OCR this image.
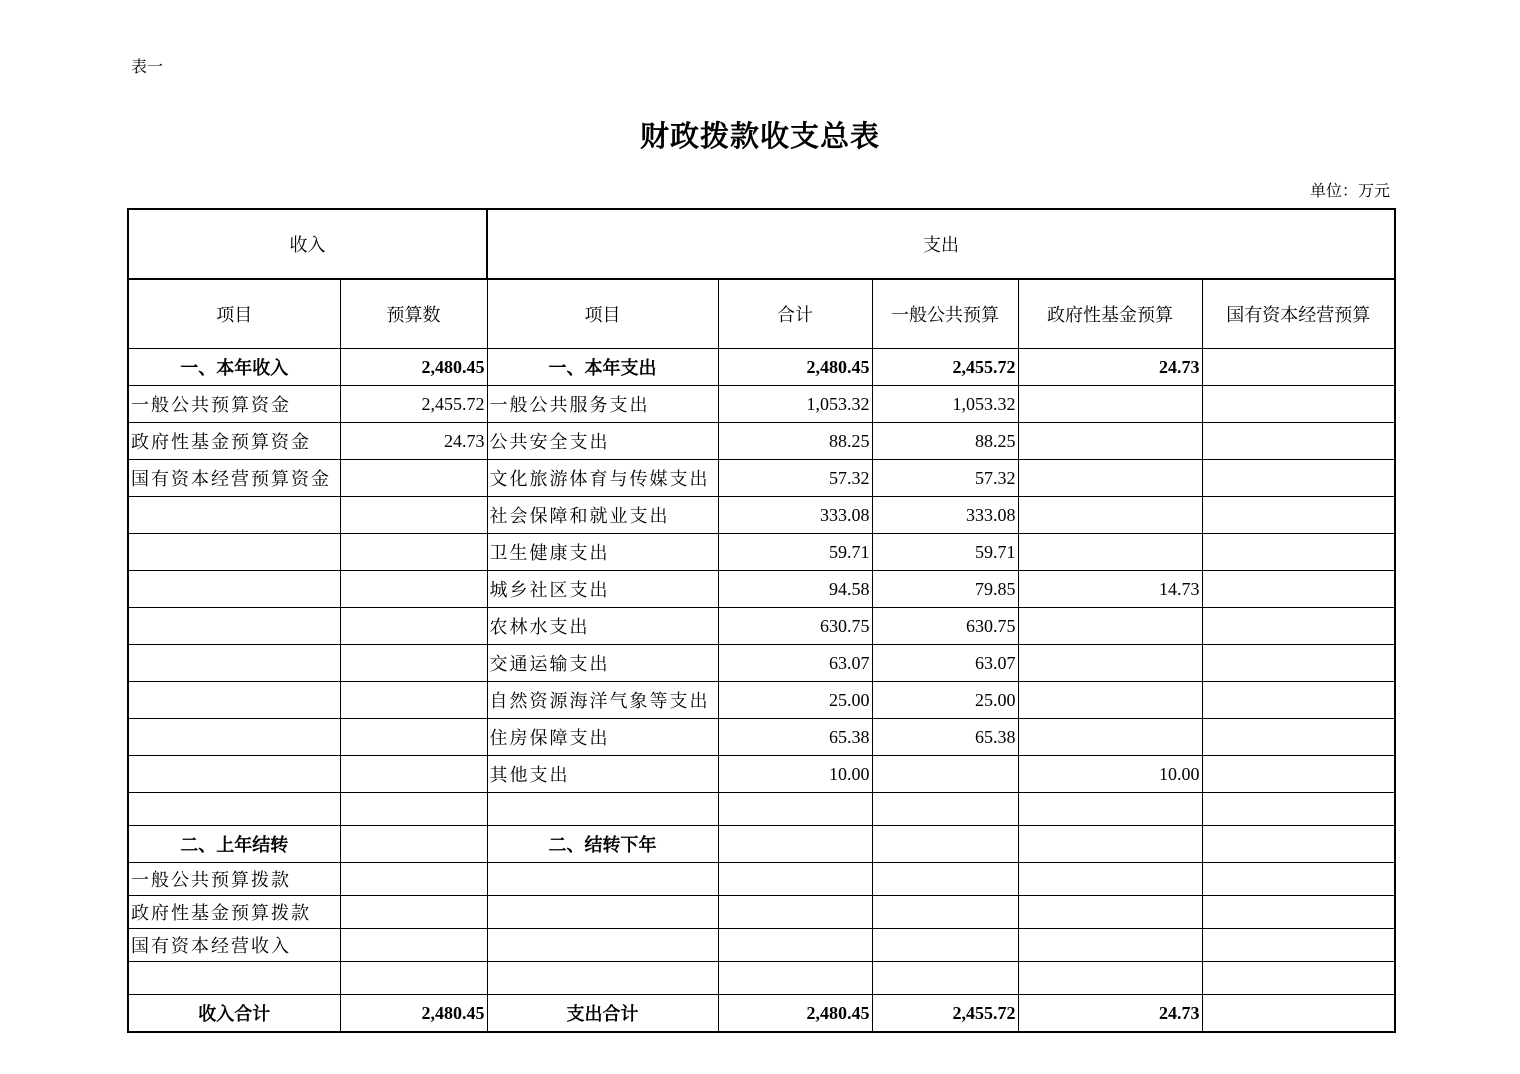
表一
财政拨款收支总表
单位：万元
收入		支出				
项目	预算数	项目	合计	一般公共预算	政府性基金预算	国有资本经营预算
一、本年收入	2,480.45	一、本年支出	2,480.45	2,455.72	24.73	
一般公共预算资金	2,455.72	一般公共服务支出	1,053.32	1,053.32		
政府性基金预算资金	24.73	公共安全支出	88.25	88.25		
国有资本经营预算资金		文化旅游体育与传媒支出	57.32	57.32		
		社会保障和就业支出	333.08	333.08		
		卫生健康支出	59.71	59.71		
		城乡社区支出	94.58	79.85	14.73	
		农林水支出	630.75	630.75		
		交通运输支出	63.07	63.07		
		自然资源海洋气象等支出	25.00	25.00		
		住房保障支出	65.38	65.38		
		其他支出	10.00		10.00	

二、上年结转		二、结转下年				
一般公共预算拨款						
政府性基金预算拨款						
国有资本经营收入						

收入合计	2,480.45	支出合计	2,480.45	2,455.72	24.73	
